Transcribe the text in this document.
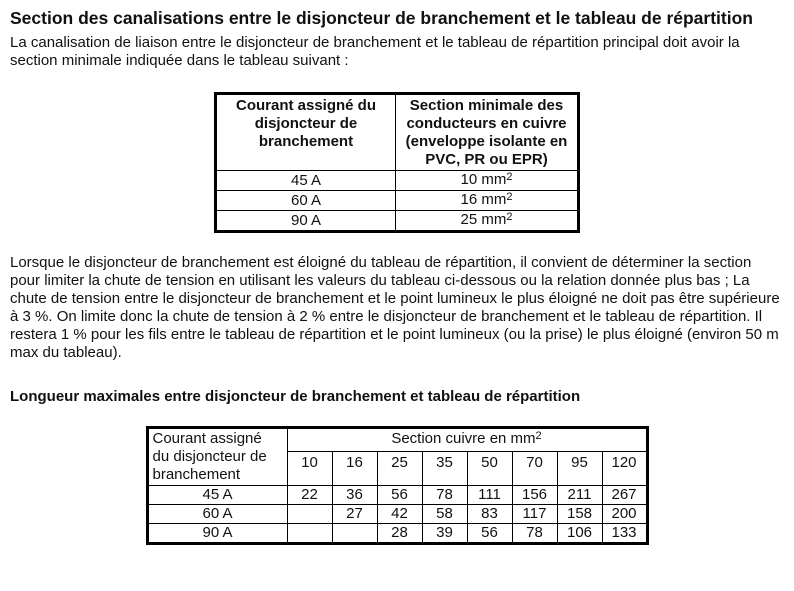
Section des canalisations entre le disjoncteur de branchement et le tableau de répartition

La canalisation de liaison entre le disjoncteur de branchement et le tableau de répartition principal doit avoir la section minimale indiquée dans le tableau suivant :

Courant assigné du disjoncteur de branchement	Section minimale des conducteurs en cuivre (enveloppe isolante en PVC, PR ou EPR)
45 A	10 $mm^2$
60 A	16 $mm^2$
90 A	25 $mm^2$

Lorsque le disjoncteur de branchement est éloigné du tableau de répartition, il convient de déterminer la section pour limiter la chute de tension en utilisant les valeurs du tableau ci-dessous ou la relation donnée plus bas ; La chute de tension entre le disjoncteur de branchement et le point lumineux le plus éloigné ne doit pas être supérieure à 3 %. On limite donc la chute de tension à 2 % entre le disjoncteur de branchement et le tableau de répartition. Il restera 1 % pour les fils entre le tableau de répartition et le point lumineux (ou la prise) le plus éloigné (environ 50 m max du tableau).

Longueur maximales entre disjoncteur de branchement et tableau de répartition
Courant assigné du disjoncteur de branchement	Section cuivre en $mm^2$
	10	16	25	35	50	70	95	120
45 A	22	36	56	78	111	156	211	267
60 A		27	42	58	83	117	158	200
90 A			28	39	56	78	106	133
